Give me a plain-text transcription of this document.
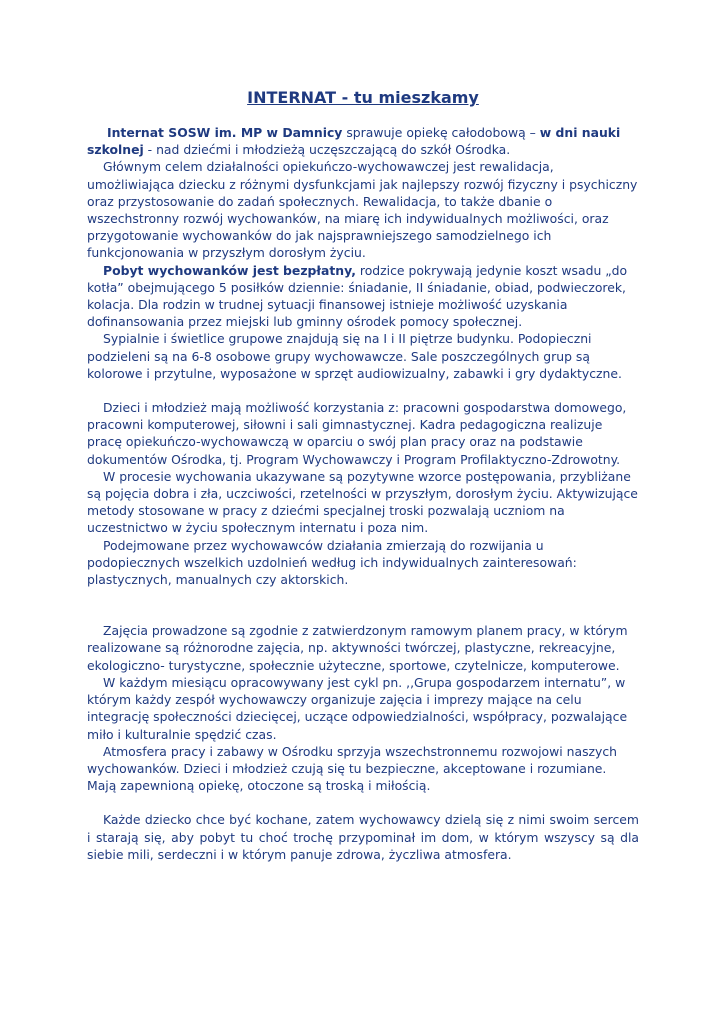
INTERNAT - tu mieszkamy

Internat SOSW im. MP w Damnicy sprawuje opiekę całodobową – w dni nauki szkolnej - nad dziećmi i młodzieżą uczęszczającą do szkół Ośrodka.

Głównym celem działalności opiekuńczo-wychowawczej jest rewalidacja, umożliwiająca dziecku z różnymi dysfunkcjami jak najlepszy rozwój fizyczny i psychiczny oraz przystosowanie do zadań społecznych. Rewalidacja, to także dbanie o wszechstronny rozwój wychowanków, na miarę ich indywidualnych możliwości, oraz przygotowanie wychowanków do jak najsprawniejszego samodzielnego ich funkcjonowania w przyszłym dorosłym życiu.

Pobyt wychowanków jest bezpłatny, rodzice pokrywają jedynie koszt wsadu „do kotła” obejmującego 5 posiłków dziennie: śniadanie, II śniadanie, obiad, podwieczorek, kolacja. Dla rodzin w trudnej sytuacji finansowej istnieje możliwość uzyskania dofinansowania przez miejski lub gminny ośrodek pomocy społecznej.

Sypialnie i świetlice grupowe znajdują się na I i II piętrze budynku. Podopieczni podzieleni są na 6-8 osobowe grupy wychowawcze. Sale poszczególnych grup są kolorowe i przytulne, wyposażone w sprzęt audiowizualny, zabawki i gry dydaktyczne.

Dzieci i młodzież mają możliwość korzystania z: pracowni gospodarstwa domowego, pracowni komputerowej, siłowni i sali gimnastycznej. Kadra pedagogiczna realizuje pracę opiekuńczo-wychowawczą w oparciu o swój plan pracy oraz na podstawie dokumentów Ośrodka, tj. Program Wychowawczy i Program Profilaktyczno-Zdrowotny.

W procesie wychowania ukazywane są pozytywne wzorce postępowania, przybliżane są pojęcia dobra i zła, uczciwości, rzetelności w przyszłym, dorosłym życiu. Aktywizujące metody stosowane w pracy z dziećmi specjalnej troski pozwalają uczniom na uczestnictwo w życiu społecznym internatu i poza nim.

Podejmowane przez wychowawców działania zmierzają do rozwijania u podopiecznych wszelkich uzdolnień według ich indywidualnych zainteresowań: plastycznych, manualnych czy aktorskich.

Zajęcia prowadzone są zgodnie z zatwierdzonym ramowym planem pracy, w którym realizowane są różnorodne zajęcia, np. aktywności twórczej, plastyczne, rekreacyjne, ekologiczno- turystyczne, społecznie użyteczne, sportowe, czytelnicze, komputerowe.

W każdym miesiącu opracowywany jest cykl pn. ,,Grupa gospodarzem internatu”, w którym każdy zespół wychowawczy organizuje zajęcia i imprezy mające na celu integrację społeczności dziecięcej, uczące odpowiedzialności, współpracy, pozwalające miło i kulturalnie spędzić czas.

Atmosfera pracy i zabawy w Ośrodku sprzyja wszechstronnemu rozwojowi naszych wychowanków. Dzieci i młodzież czują się tu bezpieczne, akceptowane i rozumiane. Mają zapewnioną opiekę, otoczone są troską i miłością.

Każde dziecko chce być kochane, zatem wychowawcy dzielą się z nimi swoim sercem i starają się, aby pobyt tu choć trochę przypominał im dom, w którym wszyscy są dla siebie mili, serdeczni i w którym panuje zdrowa, życzliwa atmosfera.
